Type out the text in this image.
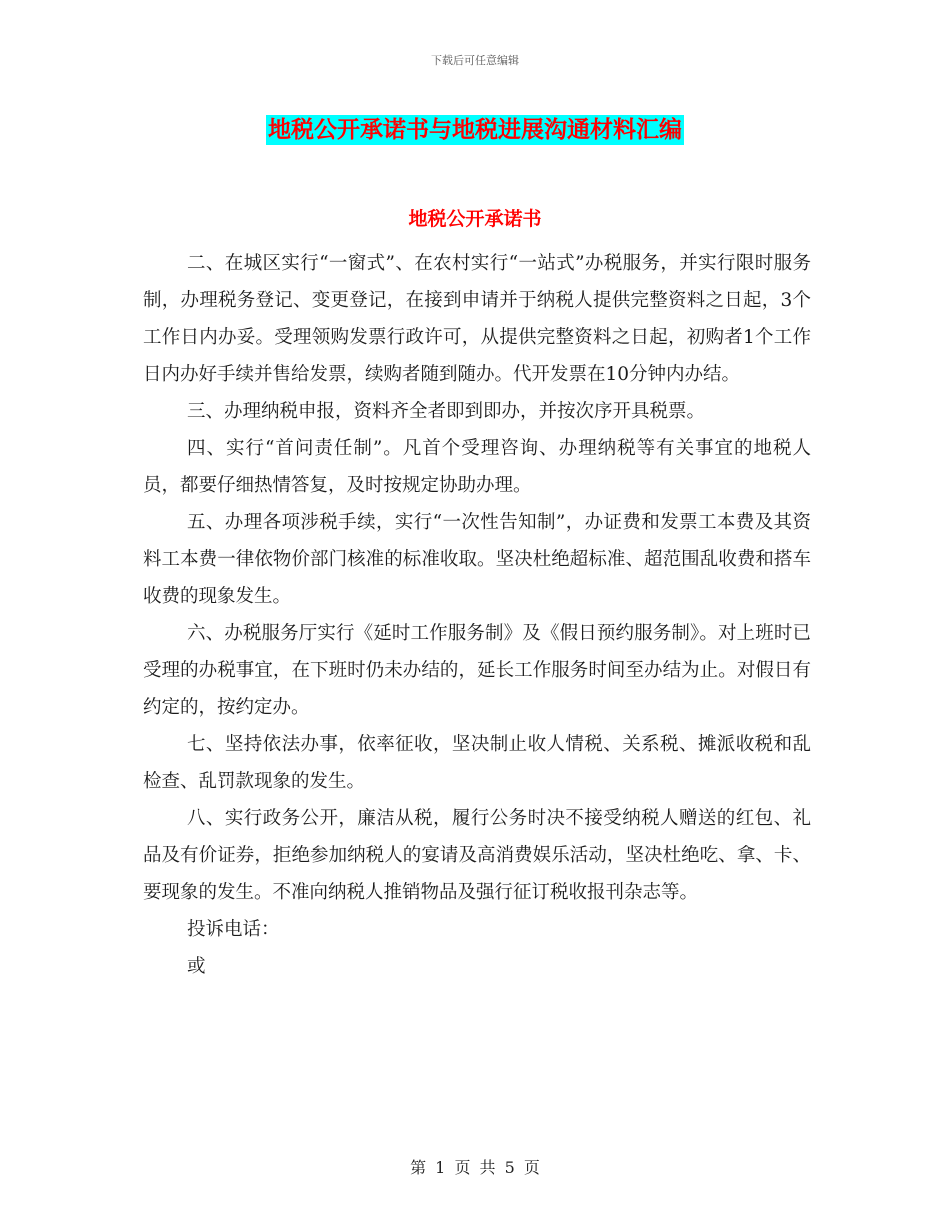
下载后可任意编辑
地税公开承诺书与地税进展沟通材料汇编
地税公开承诺书

二、在城区实行“一窗式”、在农村实行“一站式”办税服务，并实行限时服务制，办理税务登记、变更登记，在接到申请并于纳税人提供完整资料之日起，3个工作日内办妥。受理领购发票行政许可，从提供完整资料之日起，初购者1个工作日内办好手续并售给发票，续购者随到随办。代开发票在10分钟内办结。

三、办理纳税申报，资料齐全者即到即办，并按次序开具税票。

四、实行“首问责任制”。凡首个受理咨询、办理纳税等有关事宜的地税人员，都要仔细热情答复，及时按规定协助办理。

五、办理各项涉税手续，实行“一次性告知制”，办证费和发票工本费及其资料工本费一律依物价部门核准的标准收取。坚决杜绝超标准、超范围乱收费和搭车收费的现象发生。

六、办税服务厅实行《延时工作服务制》及《假日预约服务制》。对上班时已受理的办税事宜，在下班时仍未办结的，延长工作服务时间至办结为止。对假日有约定的，按约定办。

七、坚持依法办事，依率征收，坚决制止收人情税、关系税、摊派收税和乱检查、乱罚款现象的发生。

八、实行政务公开，廉洁从税，履行公务时决不接受纳税人赠送的红包、礼品及有价证券，拒绝参加纳税人的宴请及高消费娱乐活动，坚决杜绝吃、拿、卡、要现象的发生。不准向纳税人推销物品及强行征订税收报刊杂志等。

投诉电话：

或

第 1 页 共 5 页
